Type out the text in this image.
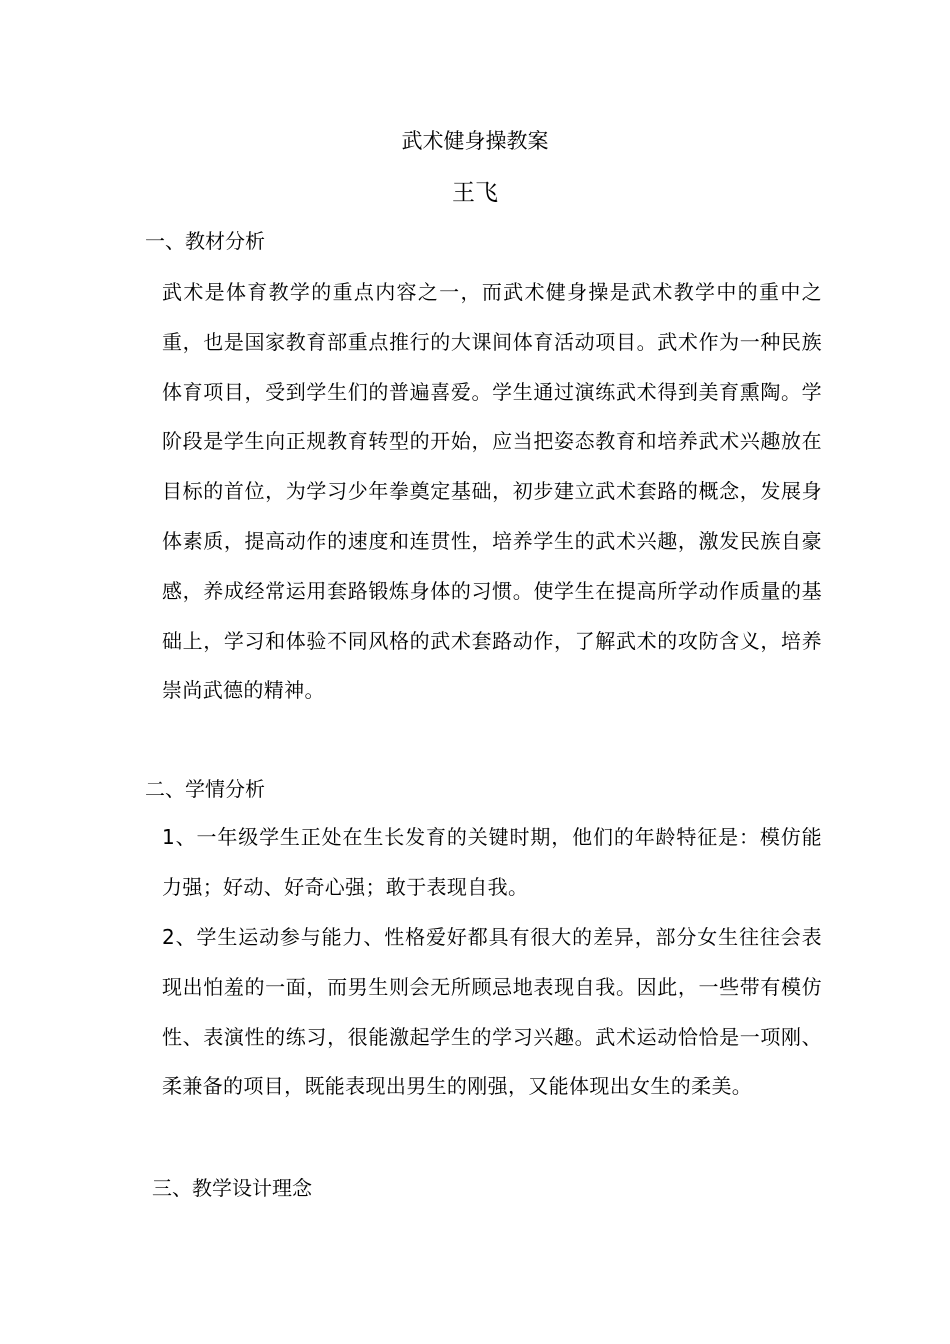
武术健身操教案
王飞
一、教材分析
武术是体育教学的重点内容之一，而武术健身操是武术教学中的重中之重，也是国家教育部重点推行的大课间体育活动项目。武术作为一种民族体育项目，受到学生们的普遍喜爱。学生通过演练武术得到美育熏陶。学阶段是学生向正规教育转型的开始，应当把姿态教育和培养武术兴趣放在目标的首位，为学习少年拳奠定基础，初步建立武术套路的概念，发展身体素质，提高动作的速度和连贯性，培养学生的武术兴趣，激发民族自豪感，养成经常运用套路锻炼身体的习惯。使学生在提高所学动作质量的基础上，学习和体验不同风格的武术套路动作，了解武术的攻防含义，培养崇尚武德的精神。
二、学情分析
1、一年级学生正处在生长发育的关键时期，他们的年龄特征是：模仿能力强；好动、好奇心强；敢于表现自我。
2、学生运动参与能力、性格爱好都具有很大的差异，部分女生往往会表现出怕羞的一面，而男生则会无所顾忌地表现自我。因此，一些带有模仿性、表演性的练习，很能激起学生的学习兴趣。武术运动恰恰是一项刚、柔兼备的项目，既能表现出男生的刚强，又能体现出女生的柔美。
三、教学设计理念
